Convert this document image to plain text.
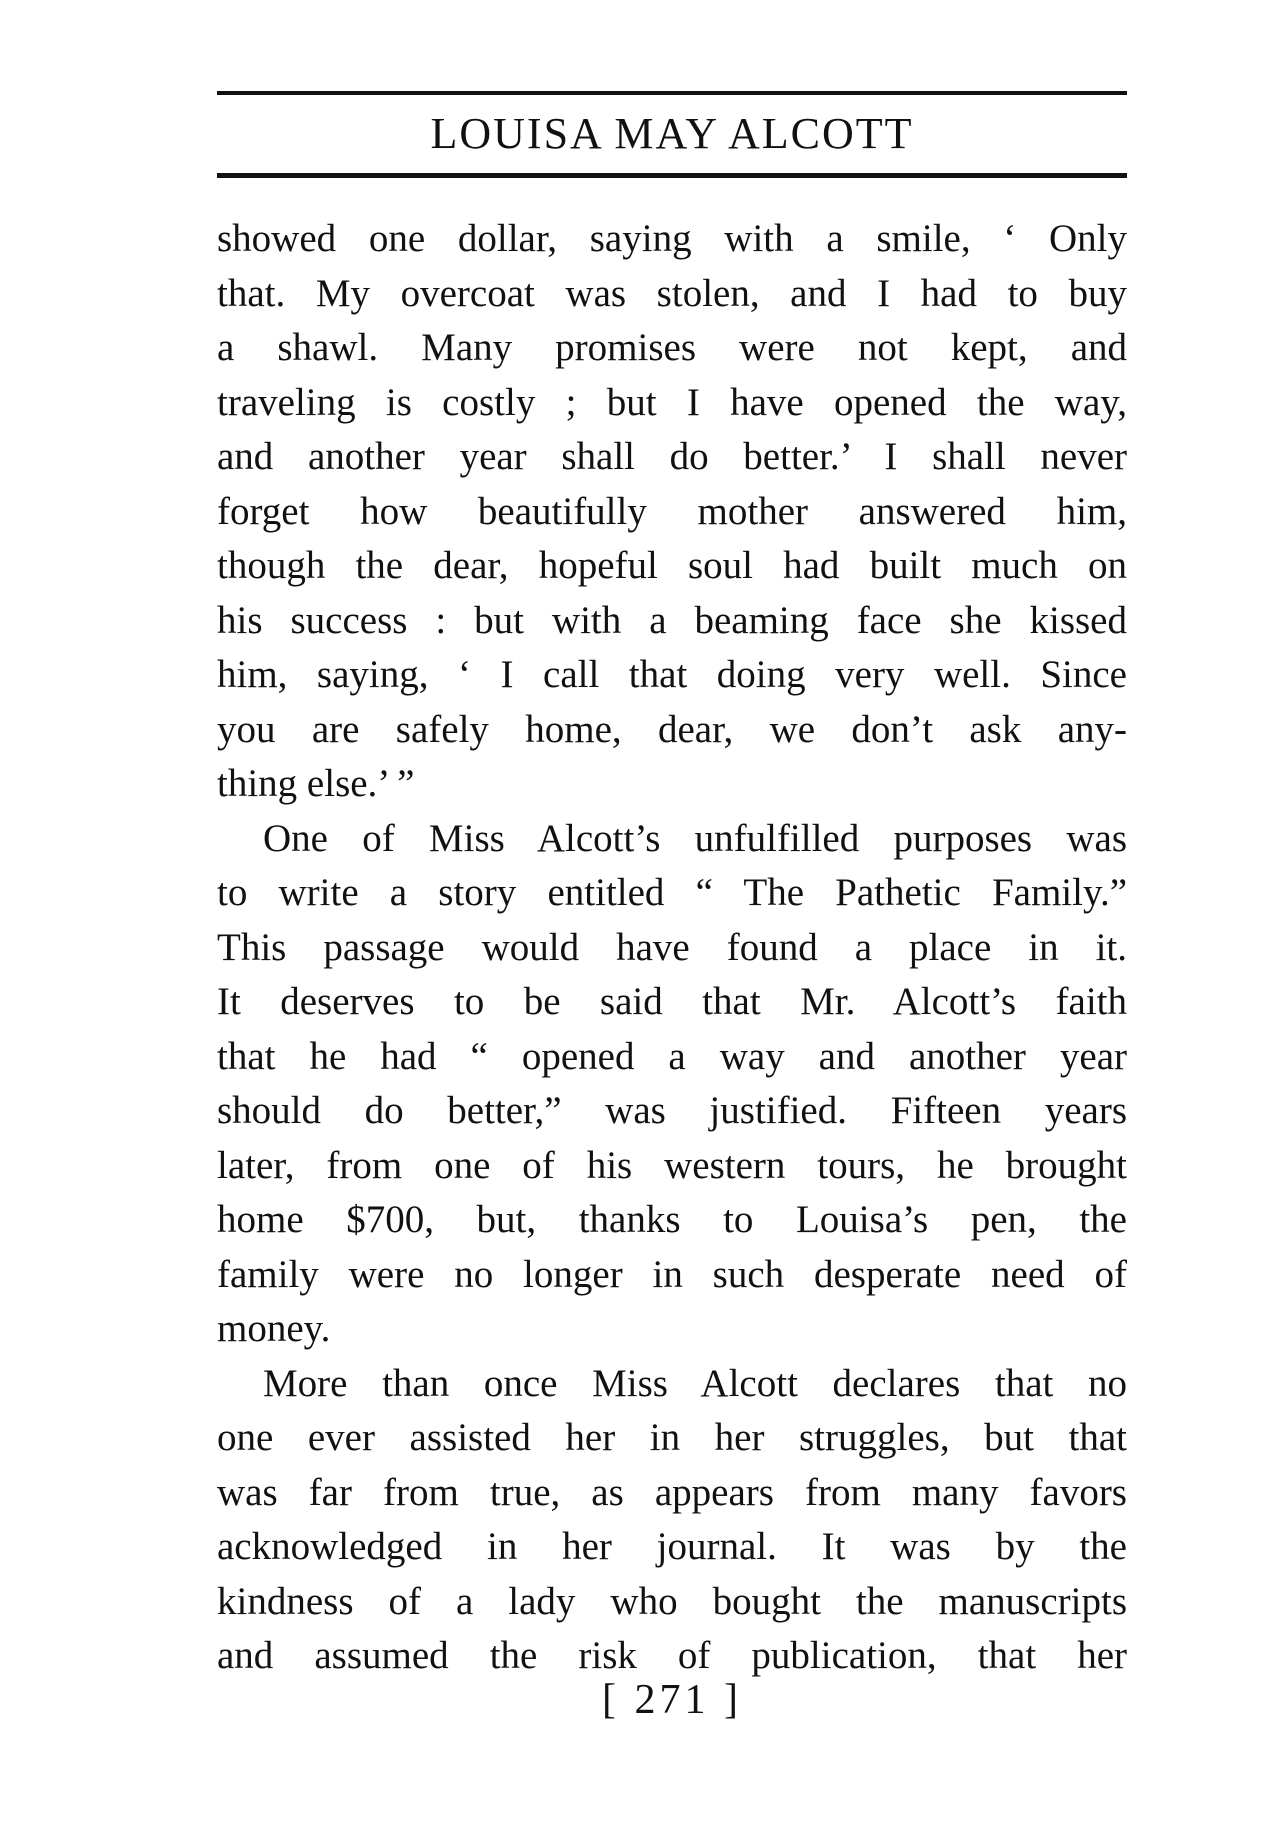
LOUISA MAY ALCOTT
showed one dollar, saying with a smile, ‘ Only
that. My overcoat was stolen, and I had to buy
a shawl. Many promises were not kept, and
traveling is costly ; but I have opened the way,
and another year shall do better.’ I shall never
forget how beautifully mother answered him,
though the dear, hopeful soul had built much on
his success : but with a beaming face she kissed
him, saying, ‘ I call that doing very well. Since
you are safely home, dear, we don’t ask any-
thing else.’ ”
One of Miss Alcott’s unfulfilled purposes was
to write a story entitled “ The Pathetic Family.”
This passage would have found a place in it.
It deserves to be said that Mr. Alcott’s faith
that he had “ opened a way and another year
should do better,” was justified. Fifteen years
later, from one of his western tours, he brought
home $700, but, thanks to Louisa’s pen, the
family were no longer in such desperate need of
money.
More than once Miss Alcott declares that no
one ever assisted her in her struggles, but that
was far from true, as appears from many favors
acknowledged in her journal. It was by the
kindness of a lady who bought the manuscripts
and assumed the risk of publication, that her
[ 271 ]
